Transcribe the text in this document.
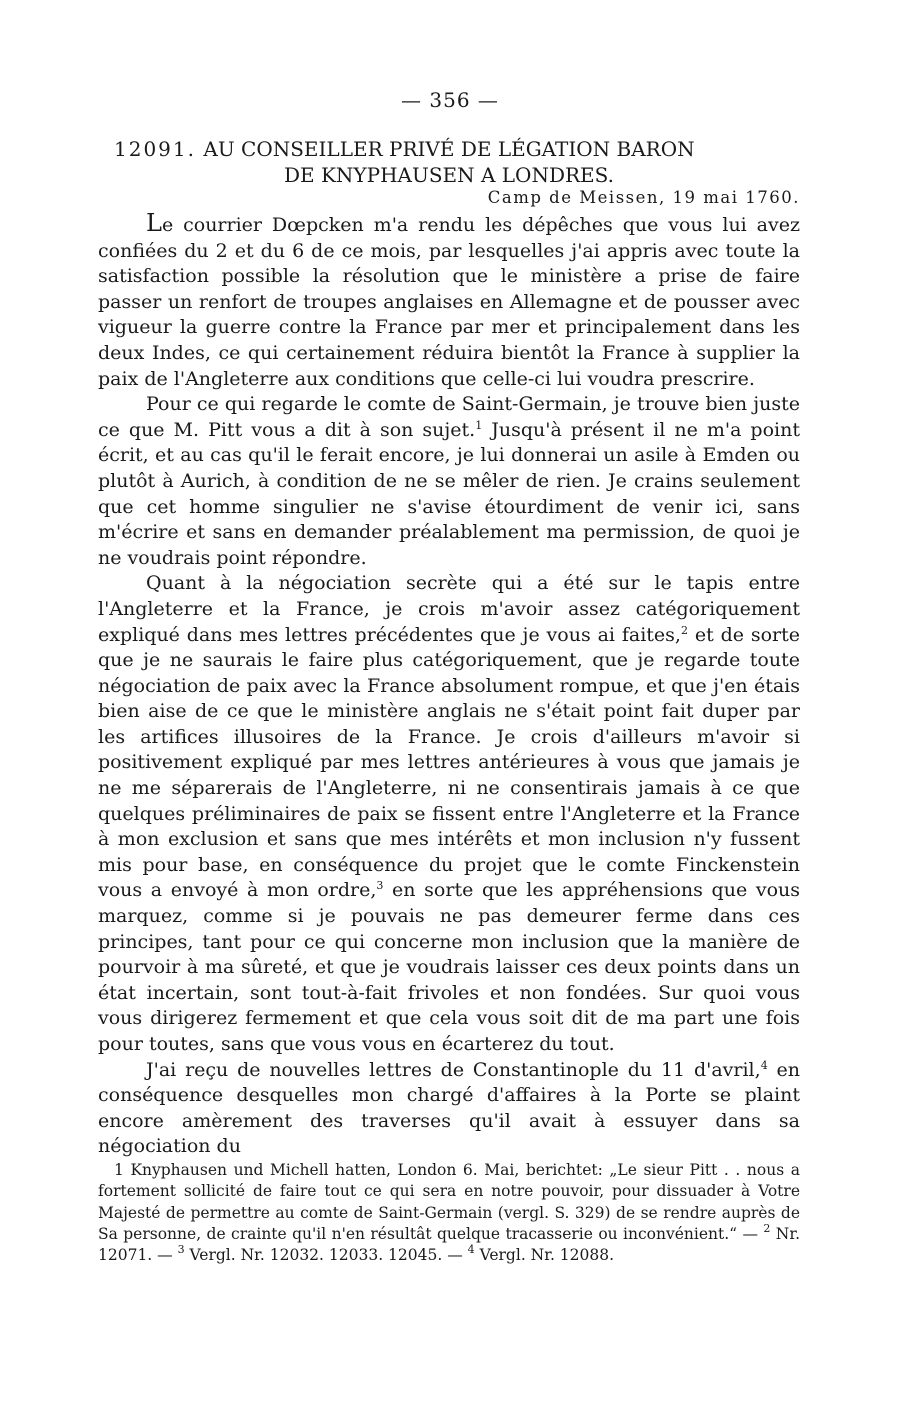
— 356 —
12091. AU CONSEILLER PRIVÉ DE LÉGATION BARON
DE KNYPHAUSEN A LONDRES.
Camp de Meissen, 19 mai 1760.

Le courrier Dœpcken m'a rendu les dépêches que vous lui avez confiées du 2 et du 6 de ce mois, par lesquelles j'ai appris avec toute la satisfaction possible la résolution que le ministère a prise de faire passer un renfort de troupes anglaises en Allemagne et de pousser avec vigueur la guerre contre la France par mer et principalement dans les deux Indes, ce qui certainement réduira bientôt la France à supplier la paix de l'Angleterre aux conditions que celle-ci lui voudra prescrire.

Pour ce qui regarde le comte de Saint-Germain, je trouve bien juste ce que M. Pitt vous a dit à son sujet.$^1$ Jusqu'à présent il ne m'a point écrit, et au cas qu'il le ferait encore, je lui donnerai un asile à Emden ou plutôt à Aurich, à condition de ne se mêler de rien. Je crains seulement que cet homme singulier ne s'avise étourdiment de venir ici, sans m'écrire et sans en demander préalablement ma permission, de quoi je ne voudrais point répondre.

Quant à la négociation secrète qui a été sur le tapis entre l'Angleterre et la France, je crois m'avoir assez catégoriquement expliqué dans mes lettres précédentes que je vous ai faites,$^2$ et de sorte que je ne saurais le faire plus catégoriquement, que je regarde toute négociation de paix avec la France absolument rompue, et que j'en étais bien aise de ce que le ministère anglais ne s'était point fait duper par les artifices illusoires de la France. Je crois d'ailleurs m'avoir si positivement expliqué par mes lettres antérieures à vous que jamais je ne me séparerais de l'Angleterre, ni ne consentirais jamais à ce que quelques préliminaires de paix se fissent entre l'Angleterre et la France à mon exclusion et sans que mes intérêts et mon inclusion n'y fussent mis pour base, en conséquence du projet que le comte Finckenstein vous a envoyé à mon ordre,$^3$ en sorte que les appréhensions que vous marquez, comme si je pouvais ne pas demeurer ferme dans ces principes, tant pour ce qui concerne mon inclusion que la manière de pourvoir à ma sûreté, et que je voudrais laisser ces deux points dans un état incertain, sont tout-à-fait frivoles et non fondées. Sur quoi vous vous dirigerez fermement et que cela vous soit dit de ma part une fois pour toutes, sans que vous vous en écarterez du tout.

J'ai reçu de nouvelles lettres de Constantinople du 11 d'avril,$^4$ en conséquence desquelles mon chargé d'affaires à la Porte se plaint encore amèrement des traverses qu'il avait à essuyer dans sa négociation du

1 Knyphausen und Michell hatten, London 6. Mai, berichtet: „Le sieur Pitt . . nous a fortement sollicité de faire tout ce qui sera en notre pouvoir, pour dissuader à Votre Majesté de permettre au comte de Saint-Germain (vergl. S. 329) de se rendre auprès de Sa personne, de crainte qu'il n'en résultât quelque tracasserie ou inconvénient.“ — $^2$ Nr. 12071. — $^3$ Vergl. Nr. 12032. 12033. 12045. — $^4$ Vergl. Nr. 12088.
